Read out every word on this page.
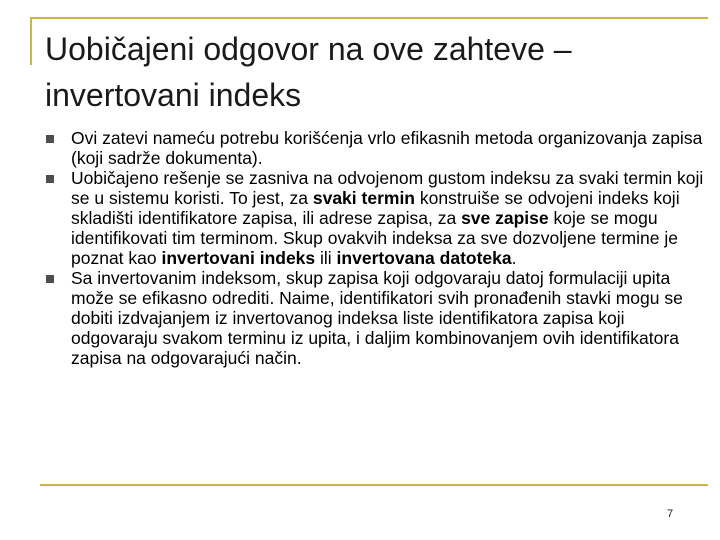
Uobičajeni odgovor na ove zahteve –
invertovani indeks
Ovi zatevi nameću potrebu korišćenja vrlo efikasnih metoda organizovanja zapisa (koji sadrže dokumenta).
Uobičajeno rešenje se zasniva na odvojenom gustom indeksu za svaki termin koji se u sistemu koristi. To jest, za svaki termin konstruiše se odvojeni indeks koji skladišti identifikatore zapisa, ili adrese zapisa, za sve zapise koje se mogu identifikovati tim terminom. Skup ovakvih indeksa za sve dozvoljene termine je poznat kao invertovani indeks ili invertovana datoteka.
Sa invertovanim indeksom, skup zapisa koji odgovaraju datoj formulaciji upita može se efikasno odrediti. Naime, identifikatori svih pronađenih stavki mogu se dobiti izdvajanjem iz invertovanog indeksa liste identifikatora zapisa koji odgovaraju svakom terminu iz upita, i daljim kombinovanjem ovih identifikatora zapisa na odgovarajući način.
7
